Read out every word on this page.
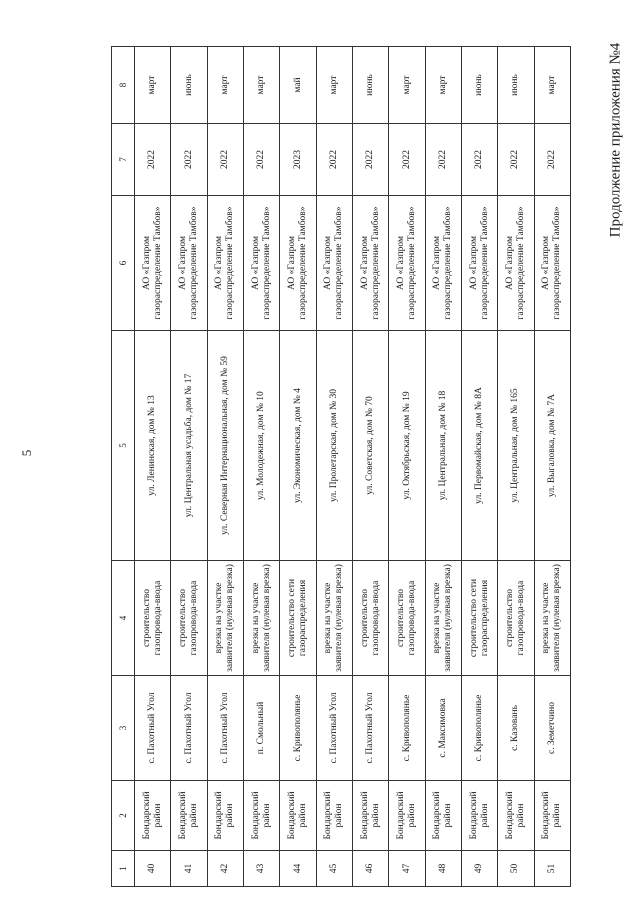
5
Продолжение приложения №4
1	2	3	4	5	6	7	8
40	Бондарский район	с. Пахотный Угол	строительство газопровода-ввода	ул. Ленинская, дом № 13	АО «Газпром газораспределение Тамбов»	2022	март
41	Бондарский район	с. Пахотный Угол	строительство газопровода-ввода	ул. Центральная усадьба, дом № 17	АО «Газпром газораспределение Тамбов»	2022	июнь
42	Бондарский район	с. Пахотный Угол	врезка на участке заявителя (нулевая врезка)	ул. Северная Интернациональная, дом № 59	АО «Газпром газораспределение Тамбов»	2022	март
43	Бондарский район	п. Смольный	врезка на участке заявителя (нулевая врезка)	ул. Молодежная, дом № 10	АО «Газпром газораспределение Тамбов»	2022	март
44	Бондарский район	с. Кривополянье	строительство сети газораспределения	ул. Экономическая, дом № 4	АО «Газпром газораспределение Тамбов»	2023	май
45	Бондарский район	с. Пахотный Угол	врезка на участке заявителя (нулевая врезка)	ул. Пролетарская, дом № 30	АО «Газпром газораспределение Тамбов»	2022	март
46	Бондарский район	с. Пахотный Угол	строительство газопровода-ввода	ул. Советская, дом № 70	АО «Газпром газораспределение Тамбов»	2022	июнь
47	Бондарский район	с. Кривополянье	строительство газопровода-ввода	ул. Октябрьская, дом № 19	АО «Газпром газораспределение Тамбов»	2022	март
48	Бондарский район	с. Максимовка	врезка на участке заявителя (нулевая врезка)	ул. Центральная, дом № 18	АО «Газпром газораспределение Тамбов»	2022	март
49	Бондарский район	с. Кривополянье	строительство сети газораспределения	ул. Первомайская, дом № 8А	АО «Газпром газораспределение Тамбов»	2022	июнь
50	Бондарский район	с. Казовань	строительство газопровода-ввода	ул. Центральная, дом № 165	АО «Газпром газораспределение Тамбов»	2022	июнь
51	Бондарский район	с. Земетчино	врезка на участке заявителя (нулевая врезка)	ул. Выгаловка, дом № 7А	АО «Газпром газораспределение Тамбов»	2022	март
